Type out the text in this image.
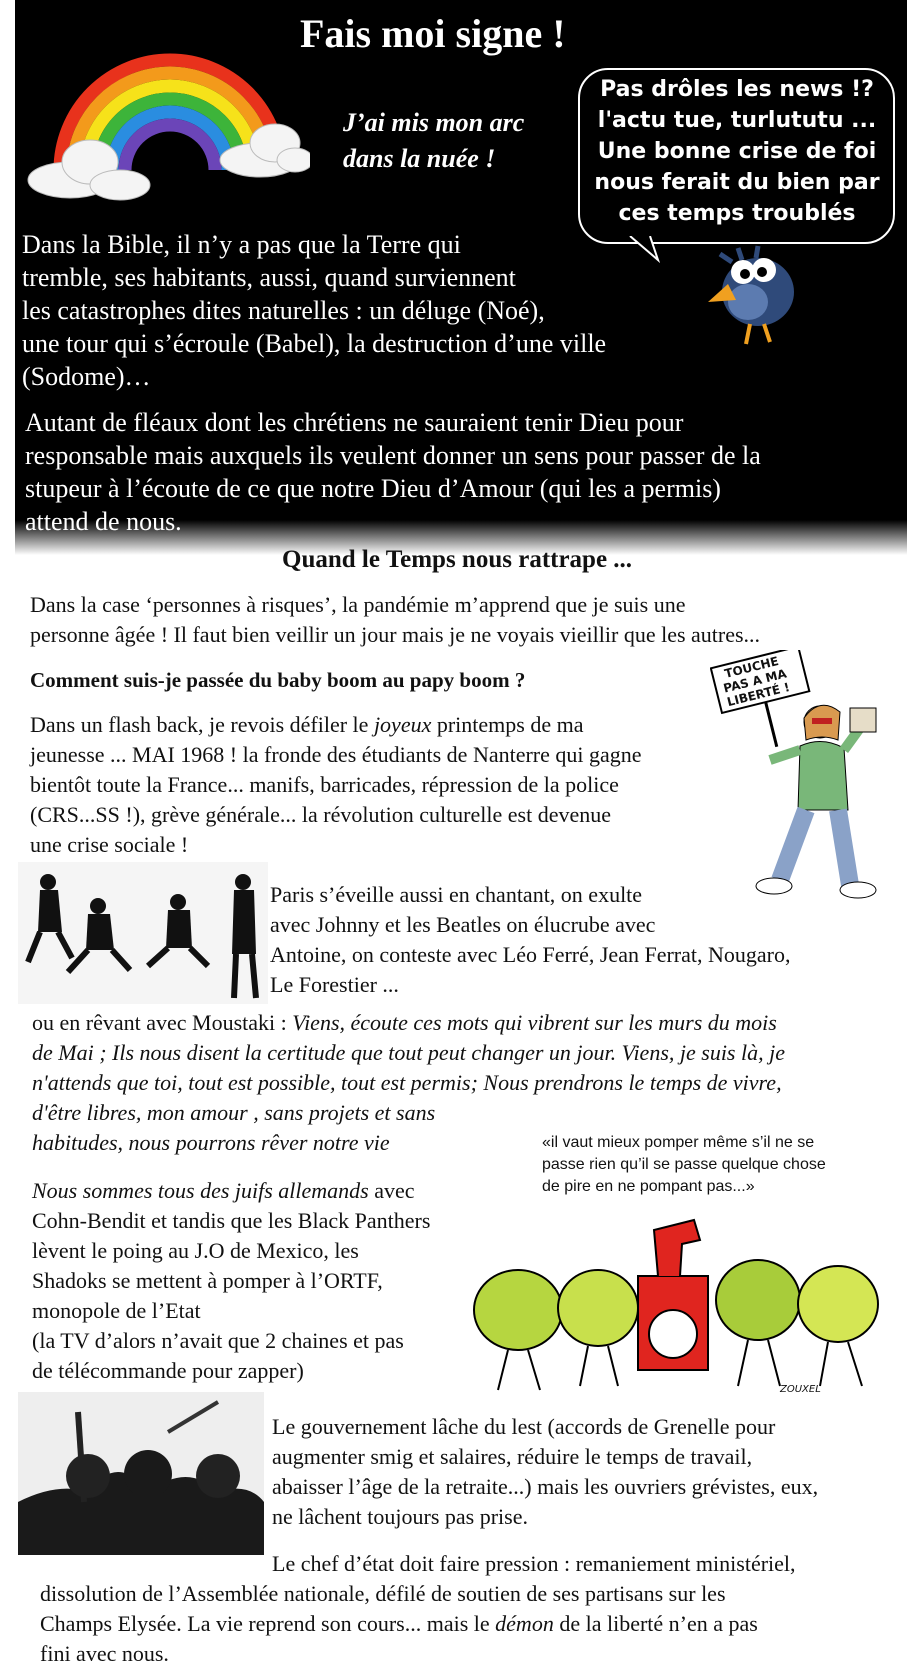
Fais moi signe !
J’ai mis mon arc
dans la nuée !
Pas drôles les news !?
l'actu tue, turlututu ...
Une bonne crise de foi
nous ferait du bien par
ces temps troublés
Dans la Bible, il n’y a pas que la Terre qui
tremble, ses habitants, aussi, quand surviennent
les catastrophes dites naturelles : un déluge (Noé),
une tour qui s’écroule (Babel), la destruction d’une ville
(Sodome)…
Autant de fléaux dont les chrétiens ne sauraient tenir Dieu pour
responsable mais auxquels ils veulent donner un sens pour passer de la
stupeur à l’écoute de ce que notre Dieu d’Amour (qui les a permis)
attend de nous.
Quand le Temps nous rattrape ...
Dans la case ‘personnes à risques’, la pandémie m’apprend que je suis une
personne âgée ! Il faut bien veillir un jour mais je ne voyais vieillir que les autres...
Comment suis-je passée du baby boom au papy boom ?	TOUCHE PAS A MA LIBERTÉ !
Dans un flash back, je revois défiler le joyeux printemps de ma
jeunesse ... MAI 1968 ! la fronde des étudiants de Nanterre qui gagne
bientôt toute la France... manifs, barricades, répression de la police
(CRS...SS !), grève générale... la révolution culturelle est devenue
une crise sociale !
Paris s’éveille aussi en chantant, on exulte
avec Johnny et les Beatles on élucrube avec
Antoine, on conteste avec Léo Ferré, Jean Ferrat, Nougaro,
Le Forestier ...
ou en rêvant avec Moustaki : Viens, écoute ces mots qui vibrent sur les murs du mois
de Mai ; Ils nous disent la certitude que tout peut changer un jour. Viens, je suis là, je
n'attends que toi, tout est possible, tout est permis; Nous prendrons le temps de vivre,
d'être libres, mon amour , sans projets et sans
habitudes, nous pourrons rêver notre vie	«il vaut mieux pomper même s’il ne se
passe rien qu’il se passe quelque chose
de pire en ne pompant pas...»
Nous sommes tous des juifs allemands avec
Cohn-Bendit et tandis que les Black Panthers
lèvent le poing au J.O de Mexico, les
Shadoks se mettent à pomper à l’ORTF,
monopole de l’Etat
(la TV d’alors n’avait que 2 chaines et pas
de télécommande pour zapper)
ZOUXEL
Le gouvernement lâche du lest (accords de Grenelle pour
augmenter smig et salaires, réduire le temps de travail,
abaisser l’âge de la retraite...) mais les ouvriers grévistes, eux,
ne lâchent toujours pas prise.
Le chef d’état doit faire pression : remaniement ministériel,
dissolution de l’Assemblée nationale, défilé de soutien de ses partisans sur les
Champs Elysée. La vie reprend son cours... mais le démon de la liberté n’en a pas
fini avec nous.
